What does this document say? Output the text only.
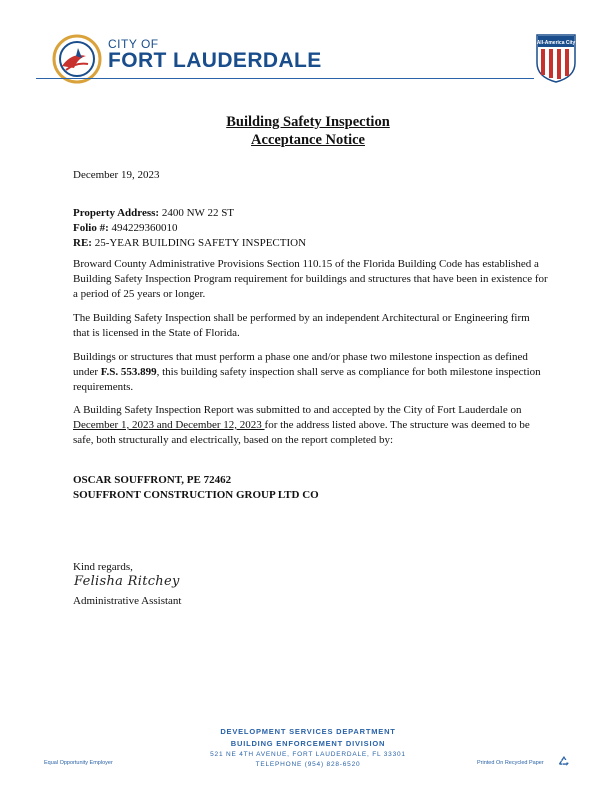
CITY OF
FORT LAUDERDALE
All-America City
Building Safety Inspection
Acceptance Notice
December 19, 2023
Property Address: 2400 NW 22 ST
Folio #: 494229360010
RE: 25-YEAR BUILDING SAFETY INSPECTION
Broward County Administrative Provisions Section 110.15 of the Florida Building Code has established a Building Safety Inspection Program requirement for buildings and structures that have been in existence for a period of 25 years or longer.
The Building Safety Inspection shall be performed by an independent Architectural or Engineering firm that is licensed in the State of Florida.
Buildings or structures that must perform a phase one and/or phase two milestone inspection as defined under F.S. 553.899, this building safety inspection shall serve as compliance for both milestone inspection requirements.
A Building Safety Inspection Report was submitted to and accepted by the City of Fort Lauderdale on December 1, 2023 and December 12, 2023 for the address listed above. The structure was deemed to be safe, both structurally and electrically, based on the report completed by:
OSCAR SOUFFRONT, PE 72462
SOUFFRONT CONSTRUCTION GROUP LTD CO
Kind regards,
Felisha Ritchey
Administrative Assistant
DEVELOPMENT SERVICES DEPARTMENT
BUILDING ENFORCEMENT DIVISION
521 NE 4TH AVENUE, FORT LAUDERDALE, FL 33301
TELEPHONE (954) 828-6520
Equal Opportunity Employer	Printed On Recycled Paper
